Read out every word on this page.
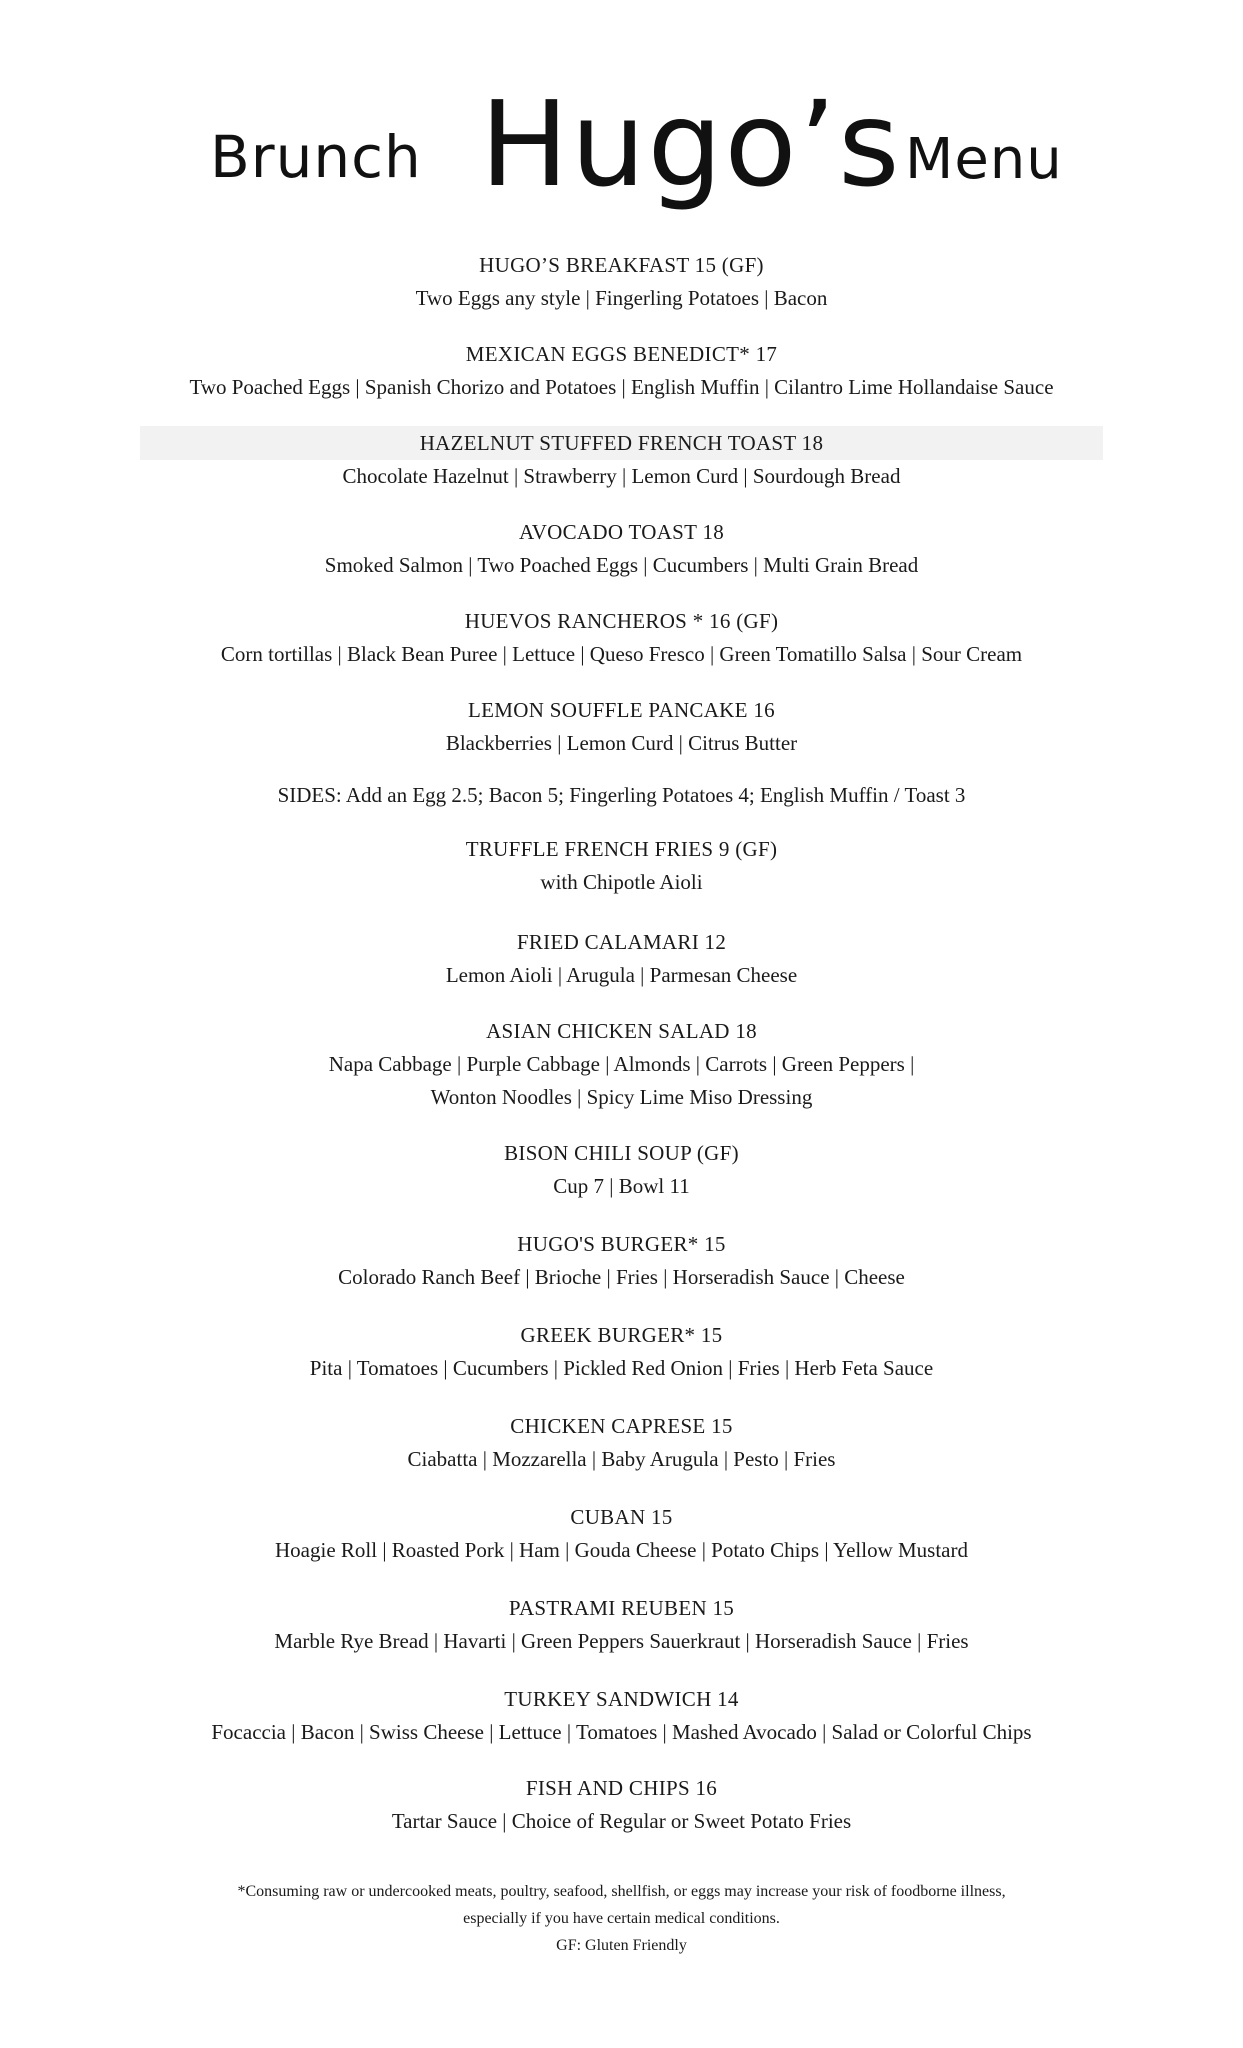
Brunch Hugo’s Menu
HUGO’S BREAKFAST 15 (GF)
Two Eggs any style | Fingerling Potatoes | Bacon
MEXICAN EGGS BENEDICT* 17
Two Poached Eggs | Spanish Chorizo and Potatoes | English Muffin | Cilantro Lime Hollandaise Sauce
HAZELNUT STUFFED FRENCH TOAST 18
Chocolate Hazelnut | Strawberry | Lemon Curd | Sourdough Bread
AVOCADO TOAST 18
Smoked Salmon | Two Poached Eggs | Cucumbers | Multi Grain Bread
HUEVOS RANCHEROS * 16 (GF)
Corn tortillas | Black Bean Puree | Lettuce | Queso Fresco | Green Tomatillo Salsa | Sour Cream
LEMON SOUFFLE PANCAKE 16
Blackberries | Lemon Curd | Citrus Butter
SIDES: Add an Egg 2.5; Bacon 5; Fingerling Potatoes 4; English Muffin / Toast 3
TRUFFLE FRENCH FRIES 9 (GF)
with Chipotle Aioli
FRIED CALAMARI 12
Lemon Aioli | Arugula | Parmesan Cheese
ASIAN CHICKEN SALAD 18
Napa Cabbage | Purple Cabbage | Almonds | Carrots | Green Peppers |
Wonton Noodles | Spicy Lime Miso Dressing
BISON CHILI SOUP (GF)
Cup 7 | Bowl 11
HUGO'S BURGER* 15
Colorado Ranch Beef | Brioche | Fries | Horseradish Sauce | Cheese
GREEK BURGER* 15
Pita | Tomatoes | Cucumbers | Pickled Red Onion | Fries | Herb Feta Sauce
CHICKEN CAPRESE 15
Ciabatta | Mozzarella | Baby Arugula | Pesto | Fries
CUBAN 15
Hoagie Roll | Roasted Pork | Ham | Gouda Cheese | Potato Chips | Yellow Mustard
PASTRAMI REUBEN 15
Marble Rye Bread | Havarti | Green Peppers Sauerkraut | Horseradish Sauce | Fries
TURKEY SANDWICH 14
Focaccia | Bacon | Swiss Cheese | Lettuce | Tomatoes | Mashed Avocado | Salad or Colorful Chips
FISH AND CHIPS 16
Tartar Sauce | Choice of Regular or Sweet Potato Fries
*Consuming raw or undercooked meats, poultry, seafood, shellfish, or eggs may increase your risk of foodborne illness,
especially if you have certain medical conditions.
GF: Gluten Friendly
